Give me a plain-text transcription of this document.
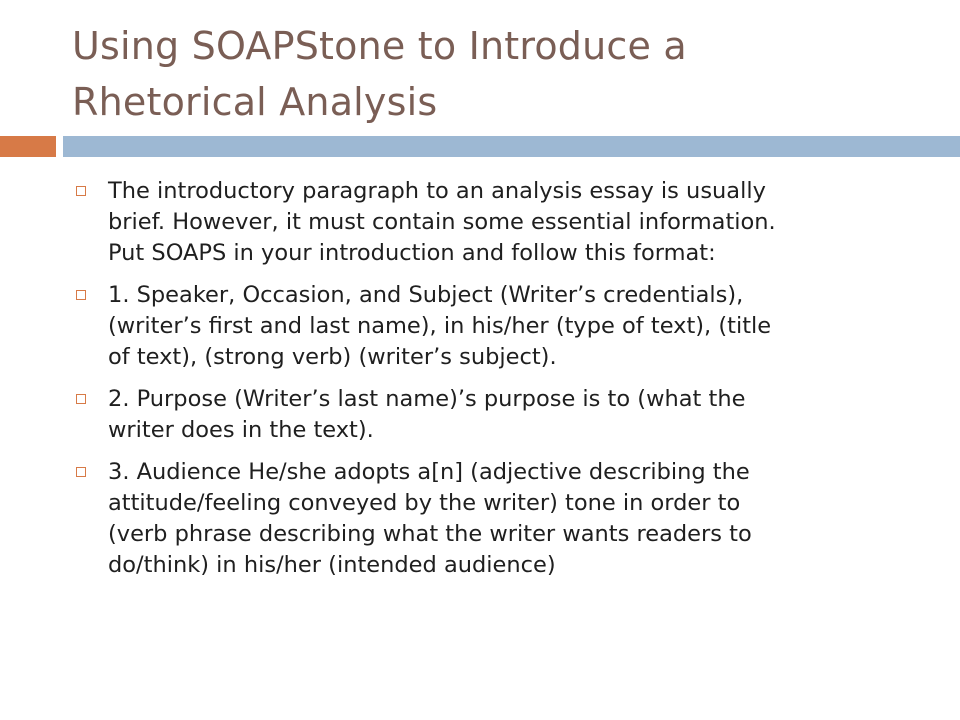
Using SOAPStone to Introduce a
Rhetorical Analysis
The introductory paragraph to an analysis essay is usually
brief. However, it must contain some essential information.
Put SOAPS in your introduction and follow this format:
1. Speaker, Occasion, and Subject (Writer’s credentials),
(writer’s first and last name), in his/her (type of text), (title
of text), (strong verb) (writer’s subject).
2. Purpose (Writer’s last name)’s purpose is to (what the
writer does in the text).
3. Audience He/she adopts a[n] (adjective describing the
attitude/feeling conveyed by the writer) tone in order to
(verb phrase describing what the writer wants readers to
do/think) in his/her (intended audience)
